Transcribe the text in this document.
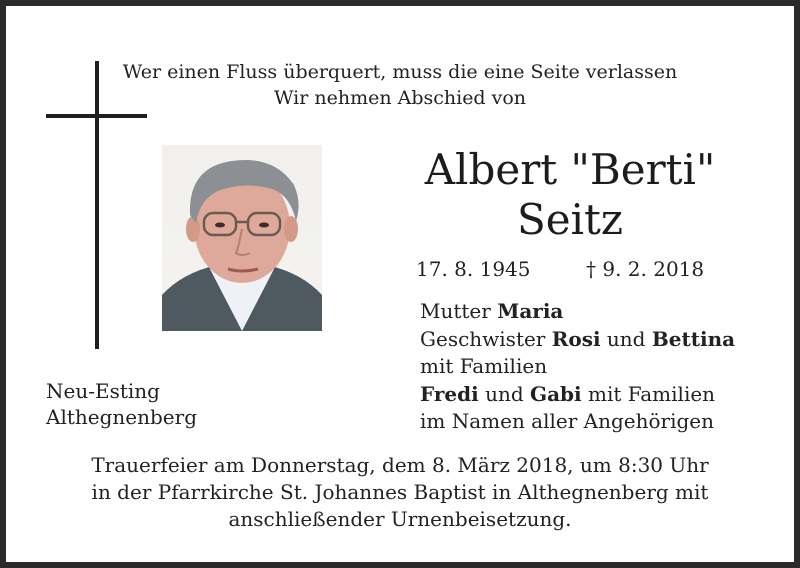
Wer einen Fluss überquert, muss die eine Seite verlassen
Wir nehmen Abschied von
Albert "Berti"
Seitz
17. 8. 1945	† 9. 2. 2018
Mutter Maria
Geschwister Rosi und Bettina
mit Familien
Fredi und Gabi mit Familien
im Namen aller Angehörigen
Neu-Esting
Althegnenberg
Trauerfeier am Donnerstag, dem 8. März 2018, um 8:30 Uhr
in der Pfarrkirche St. Johannes Baptist in Althegnenberg mit
anschließender Urnenbeisetzung.
